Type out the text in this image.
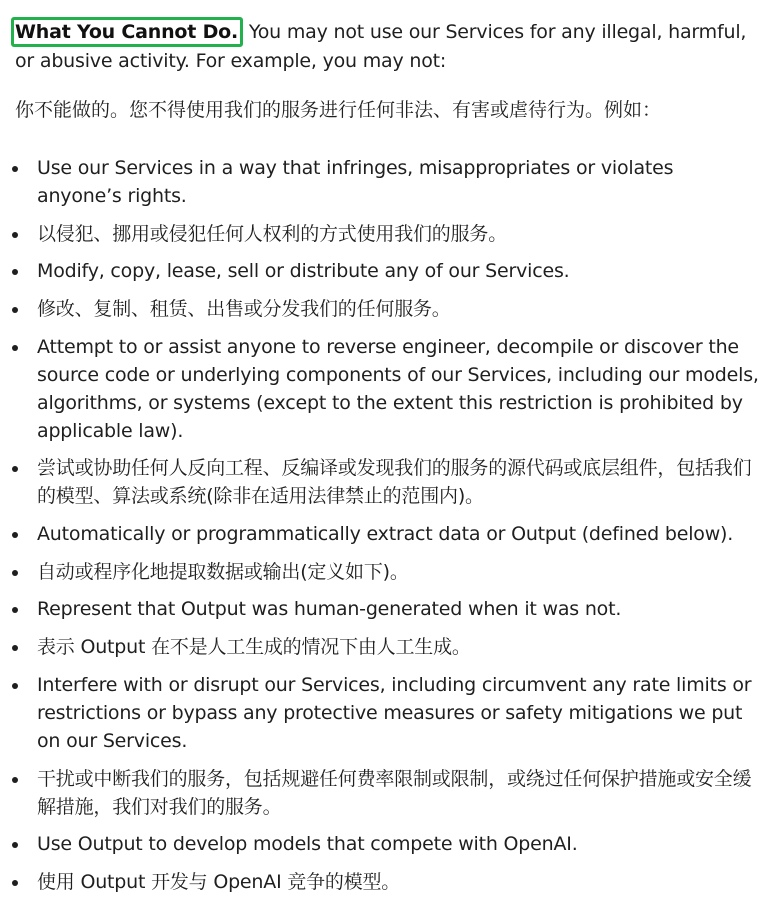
What You Cannot Do. You may not use our Services for any illegal, harmful, or abusive activity. For example, you may not:

你不能做的。您不得使用我们的服务进行任何非法、有害或虐待行为。例如：

Use our Services in a way that infringes, misappropriates or violates anyone’s rights.
以侵犯、挪用或侵犯任何人权利的方式使用我们的服务。
Modify, copy, lease, sell or distribute any of our Services.
修改、复制、租赁、出售或分发我们的任何服务。
Attempt to or assist anyone to reverse engineer, decompile or discover the source code or underlying components of our Services, including our models, algorithms, or systems (except to the extent this restriction is prohibited by applicable law).
尝试或协助任何人反向工程、反编译或发现我们的服务的源代码或底层组件，包括我们的模型、算法或系统(除非在适用法律禁止的范围内)。
Automatically or programmatically extract data or Output (defined below).
自动或程序化地提取数据或输出(定义如下)。
Represent that Output was human-generated when it was not.
表示 Output 在不是人工生成的情况下由人工生成。
Interfere with or disrupt our Services, including circumvent any rate limits or restrictions or bypass any protective measures or safety mitigations we put on our Services.
干扰或中断我们的服务，包括规避任何费率限制或限制，或绕过任何保护措施或安全缓解措施，我们对我们的服务。
Use Output to develop models that compete with OpenAI.
使用 Output 开发与 OpenAI 竞争的模型。
